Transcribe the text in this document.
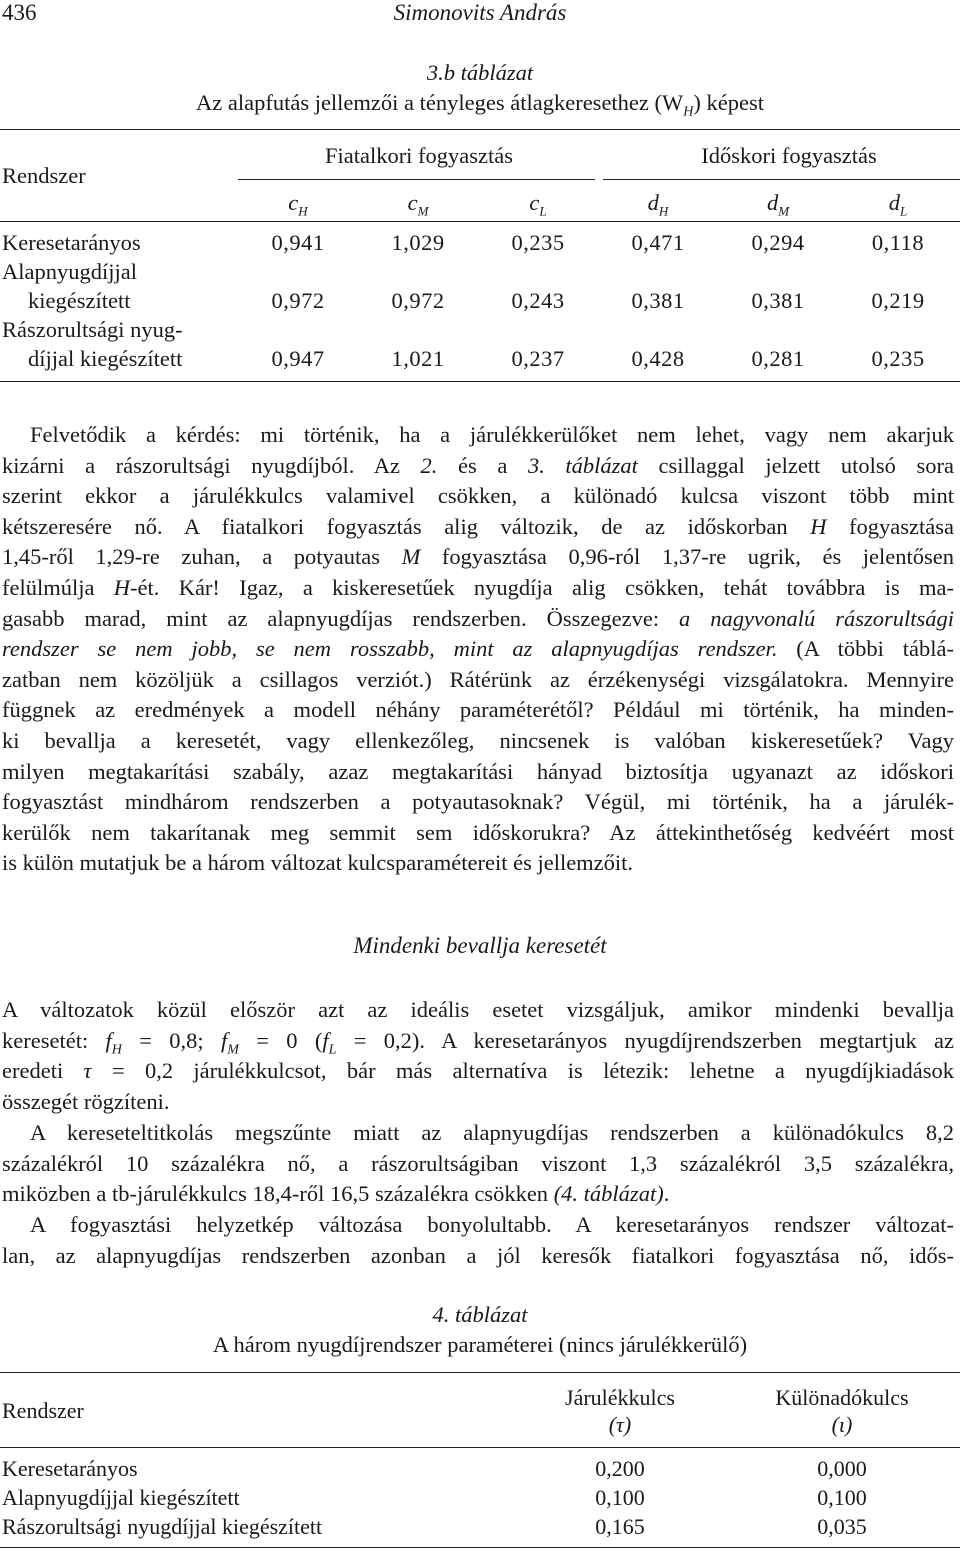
436	Simonovits András
3.b táblázat
Az alapfutás jellemzői a tényleges átlagkeresethez $(W_H)$ képest
Rendszer
Fiatalkori fogyasztás	Időskori fogyasztás
$c_H$	$c_M$	$c_L$	$d_H$	$d_M$	$d_L$
Keresetarányos	0,941	1,029	0,235	0,471	0,294	0,118
Alapnyugdíjjal
kiegészített	0,972	0,972	0,243	0,381	0,381	0,219
Rászorultsági nyug-
díjjal kiegészített	0,947	1,021	0,237	0,428	0,281	0,235
Felvetődik a kérdés: mi történik, ha a járulékkerülőket nem lehet, vagy nem akarjuk
kizárni a rászorultsági nyugdíjból. Az 2. és a 3. táblázat csillaggal jelzett utolsó sora
szerint ekkor a járulékkulcs valamivel csökken, a különadó kulcsa viszont több mint
kétszeresére nő. A fiatalkori fogyasztás alig változik, de az időskorban H fogyasztása
1,45-ről 1,29-re zuhan, a potyautas M fogyasztása 0,96-ról 1,37-re ugrik, és jelentősen
felülmúlja H-ét. Kár! Igaz, a kiskeresetűek nyugdíja alig csökken, tehát továbbra is ma-
gasabb marad, mint az alapnyugdíjas rendszerben. Összegezve: a nagyvonalú rászorultsági
rendszer se nem jobb, se nem rosszabb, mint az alapnyugdíjas rendszer. (A többi táblá-
zatban nem közöljük a csillagos verziót.) Rátérünk az érzékenységi vizsgálatokra. Mennyire
függnek az eredmények a modell néhány paraméterétől? Például mi történik, ha minden-
ki bevallja a keresetét, vagy ellenkezőleg, nincsenek is valóban kiskeresetűek? Vagy
milyen megtakarítási szabály, azaz megtakarítási hányad biztosítja ugyanazt az időskori
fogyasztást mindhárom rendszerben a potyautasoknak? Végül, mi történik, ha a járulék-
kerülők nem takarítanak meg semmit sem időskorukra? Az áttekinthetőség kedvéért most
is külön mutatjuk be a három változat kulcsparamétereit és jellemzőit.
Mindenki bevallja keresetét
A változatok közül először azt az ideális esetet vizsgáljuk, amikor mindenki bevallja
keresetét: $f_H = 0,8$; $f_M = 0$ $(f_L = 0,2)$. A keresetarányos nyugdíjrendszerben megtartjuk az
eredeti τ = 0,2 járulékkulcsot, bár más alternatíva is létezik: lehetne a nyugdíjkiadások
összegét rögzíteni.
A kereseteltitkolás megszűnte miatt az alapnyugdíjas rendszerben a különadókulcs 8,2
százalékról 10 százalékra nő, a rászorultságiban viszont 1,3 százalékról 3,5 százalékra,
miközben a tb-járulékkulcs 18,4-ről 16,5 százalékra csökken (4. táblázat).
A fogyasztási helyzetkép változása bonyolultabb. A keresetarányos rendszer változat-
lan, az alapnyugdíjas rendszerben azonban a jól keresők fiatalkori fogyasztása nő, idős-
4. táblázat
A három nyugdíjrendszer paraméterei (nincs járulékkerülő)
Rendszer
Járulékkulcs
(τ)
Különadókulcs
(ι)
Keresetarányos	0,200	0,000
Alapnyugdíjjal kiegészített	0,100	0,100
Rászorultsági nyugdíjjal kiegészített	0,165	0,035
